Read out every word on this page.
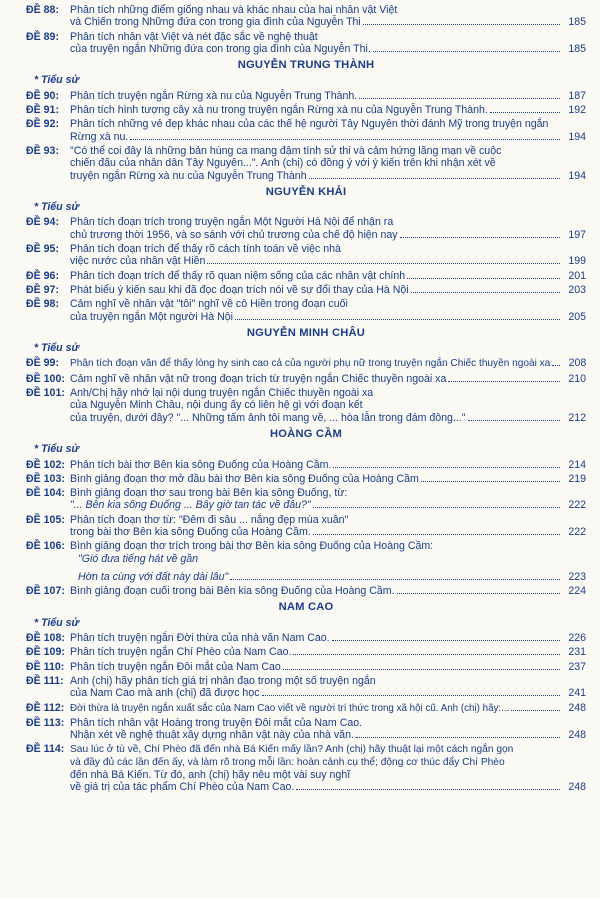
ĐỀ 88:	Phân tích những điểm giống nhau và khác nhau của hai nhân vật Việt
và Chiến trong Những đứa con trong gia đình của Nguyễn Thi	185
ĐỀ 89:	Phân tích nhân vật Việt và nét đặc sắc về nghệ thuật
của truyện ngắn Những đứa con trong gia đình của Nguyễn Thi.	185
NGUYỄN TRUNG THÀNH
* Tiểu sử
ĐỀ 90:	Phân tích truyện ngắn Rừng xà nu của Nguyễn Trung Thành.	187
ĐỀ 91:	Phân tích hình tượng cây xà nu trong truyện ngắn Rừng xà nu của Nguyễn Trung Thành.	192
ĐỀ 92:	Phân tích những vẻ đẹp khác nhau của các thế hệ người Tây Nguyên thời đánh Mỹ trong truyện ngắn
Rừng xà nu.	194
ĐỀ 93:	"Có thể coi đây là những bản hùng ca mang đậm tính sử thi và cảm hứng lãng mạn về cuộc
chiến đấu của nhân dân Tây Nguyên...". Anh (chị) có đồng ý với ý kiến trên khi nhận xét về
truyện ngắn Rừng xà nu của Nguyễn Trung Thành	194
NGUYỄN KHẢI
* Tiểu sử
ĐỀ 94:	Phân tích đoạn trích trong truyện ngắn Một Người Hà Nội để nhận ra
chủ trương thời 1956, và so sánh với chủ trương của chế độ hiện nay	197
ĐỀ 95:	Phân tích đoạn trích để thấy rõ cách tính toán về việc nhà
việc nước của nhân vật Hiền	199
ĐỀ 96:	Phân tích đoạn trích để thấy rõ quan niệm sống của các nhân vật chính	201
ĐỀ 97:	Phát biểu ý kiến sau khi đã đọc đoạn trích nói về sự đổi thay của Hà Nội	203
ĐỀ 98:	Cảm nghĩ về nhân vật "tôi" nghĩ về cô Hiền trong đoạn cuối
của truyện ngắn Một người Hà Nội	205
NGUYỄN MINH CHÂU
* Tiểu sử
ĐỀ 99:	Phân tích đoạn văn để thấy lòng hy sinh cao cả của người phụ nữ trong truyện ngắn Chiếc thuyền ngoài xa	208
ĐỀ 100: Cảm nghĩ về nhân vật nữ trong đoạn trích từ truyện ngắn Chiếc thuyền ngoài xa	210
ĐỀ 101: Anh/Chị hãy nhớ lại nội dung truyện ngắn Chiếc thuyền ngoài xa
của Nguyễn Minh Châu, nội dung ấy có liên hệ gì với đoạn kết
của truyện, dưới đây? "... Những tấm ảnh tôi mang về, ... hòa lẫn trong đám đông..."	212
HOÀNG CẦM
* Tiểu sử
ĐỀ 102: Phân tích bài thơ Bên kia sông Đuống của Hoàng Cầm.	214
ĐỀ 103: Bình giảng đoạn thơ mở đầu bài thơ Bên kia sông Đuống của Hoàng Cầm	219
ĐỀ 104: Bình giảng đoạn thơ sau trong bài Bên kia sông Đuống, từ:
"... Bên kia sông Đuống ... Bây giờ tan tác về đâu?"	222
ĐỀ 105: Phân tích đoạn thơ từ: "Đêm đi sâu ... nắng đẹp mùa xuân"
trong bài thơ Bên kia sông Đuống của Hoàng Cầm.	222
ĐỀ 106: Bình giảng đoạn thơ trích trong bài thơ Bên kia sông Đuống của Hoàng Cầm:
"Gió đưa tiếng hát về gần
Hờn ta cùng với đất này dài lâu"	223
ĐỀ 107: Bình giảng đoạn cuối trong bài Bên kia sông Đuống của Hoàng Cầm.	224
NAM CAO
* Tiểu sử
ĐỀ 108: Phân tích truyện ngắn Đời thừa của nhà văn Nam Cao.	226
ĐỀ 109: Phân tích truyện ngắn Chí Phèo của Nam Cao.	231
ĐỀ 110: Phân tích truyện ngắn Đôi mắt của Nam Cao	237
ĐỀ 111: Anh (chị) hãy phân tích giá trị nhân đạo trong một số truyện ngắn
của Nam Cao mà anh (chị) đã được học	241
ĐỀ 112: Đời thừa là truyện ngắn xuất sắc của Nam Cao viết về người trí thức trong xã hội cũ. Anh (chị) hãy:...	248
ĐỀ 113: Phân tích nhân vật Hoàng trong truyện Đôi mắt của Nam Cao.
Nhận xét về nghệ thuật xây dựng nhân vật này của nhà văn.	248
ĐỀ 114: Sau lúc ở tù về, Chí Phèo đã đến nhà Bá Kiến mấy lần? Anh (chị) hãy thuật lại một cách ngắn gọn
và đầy đủ các lần đến ấy, và làm rõ trong mỗi lần: hoàn cảnh cụ thể; động cơ thúc đẩy Chí Phèo
đến nhà Bá Kiến. Từ đó, anh (chị) hãy nêu một vài suy nghĩ
về giá trị của tác phẩm Chí Phèo của Nam Cao.	248
